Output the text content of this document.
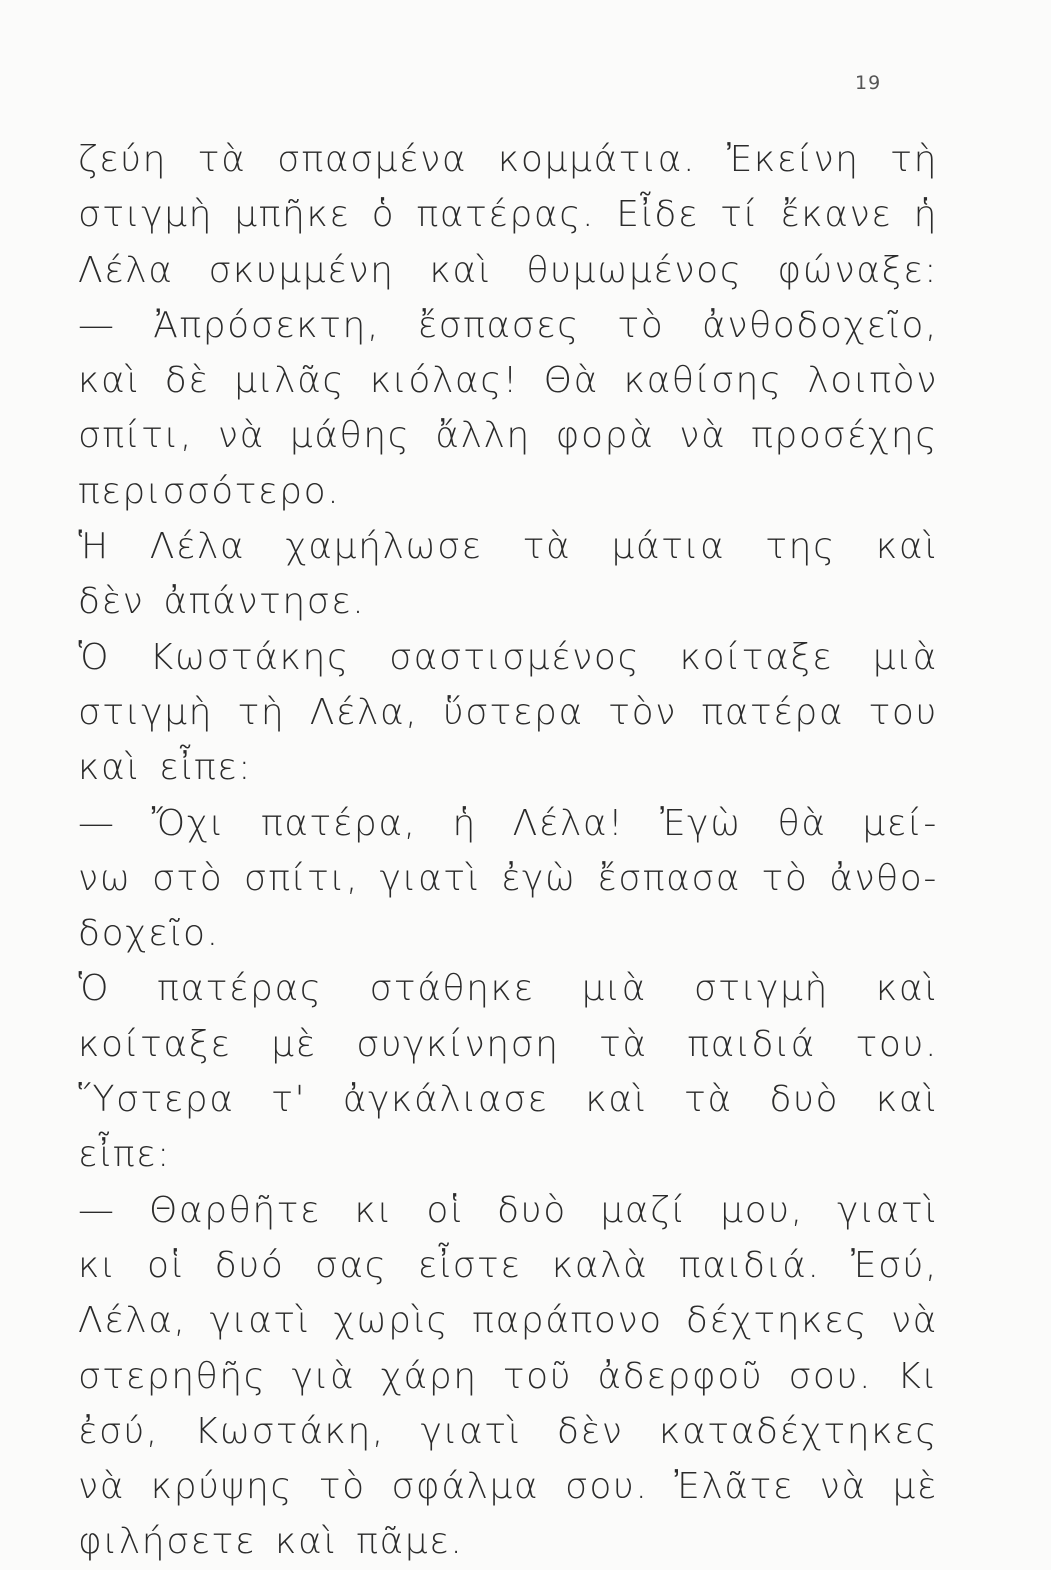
19
ζεύη τὰ σπασμένα κομμάτια. Ἐκείνη τὴ
στιγμὴ μπῆκε ὁ πατέρας. Εἶδε τί ἔκανε ἡ
Λέλα σκυμμένη καὶ θυμωμένος φώναξε:
— Ἀπρόσεκτη, ἔσπασες τὸ ἀνθοδοχεῖο,
καὶ δὲ μιλᾶς κιόλας! Θὰ καθίσης λοιπὸν
σπίτι, νὰ μάθης ἄλλη φορὰ νὰ προσέχης
περισσότερο.
Ἡ Λέλα χαμήλωσε τὰ μάτια της καὶ
δὲν ἀπάντησε.
Ὁ Κωστάκης σαστισμένος κοίταξε μιὰ
στιγμὴ τὴ Λέλα, ὕστερα τὸν πατέρα του
καὶ εἶπε:
— Ὄχι πατέρα, ἡ Λέλα! Ἐγὼ θὰ μεί-
νω στὸ σπίτι, γιατὶ ἐγὼ ἔσπασα τὸ ἀνθο-
δοχεῖο.
Ὁ πατέρας στάθηκε μιὰ στιγμὴ καὶ
κοίταξε μὲ συγκίνηση τὰ παιδιά του.
Ὕστερα τ' ἀγκάλιασε καὶ τὰ δυὸ καὶ
εἶπε:
— Θαρθῆτε κι οἱ δυὸ μαζί μου, γιατὶ
κι οἱ δυό σας εἶστε καλὰ παιδιά. Ἐσύ,
Λέλα, γιατὶ χωρὶς παράπονο δέχτηκες νὰ
στερηθῆς γιὰ χάρη τοῦ ἀδερφοῦ σου. Κι
ἐσύ, Κωστάκη, γιατὶ δὲν καταδέχτηκες
νὰ κρύψης τὸ σφάλμα σου. Ἐλᾶτε νὰ μὲ
φιλήσετε καὶ πᾶμε.
